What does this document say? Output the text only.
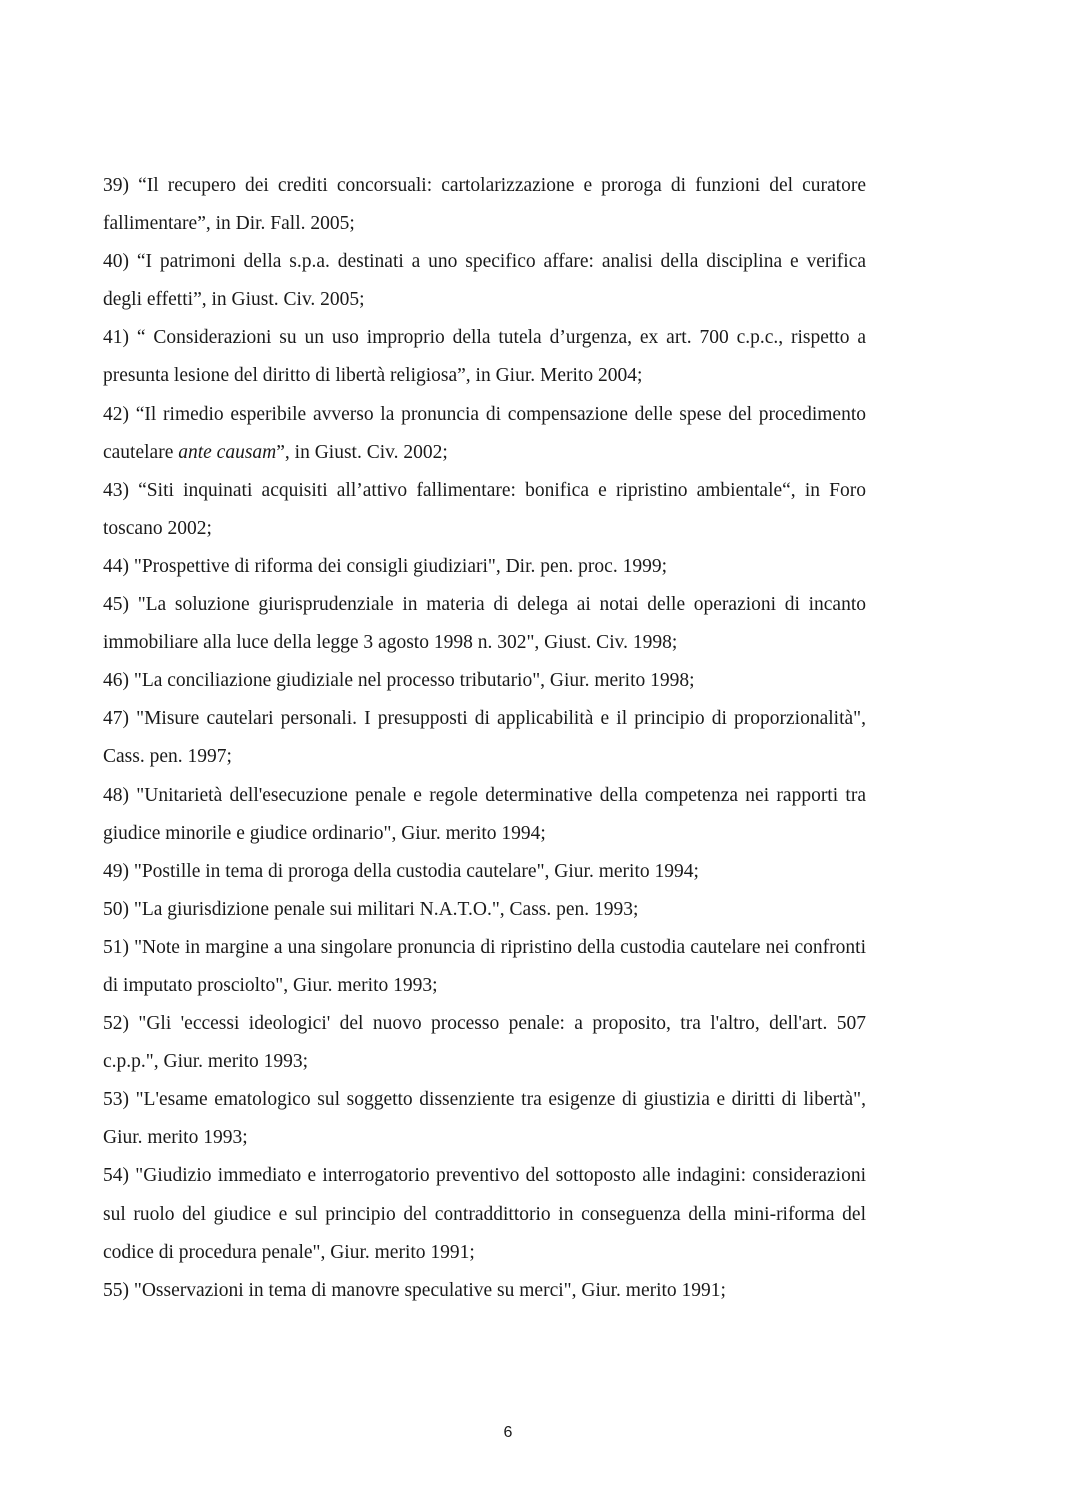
39) “Il recupero dei crediti concorsuali: cartolarizzazione e proroga di funzioni del curatore fallimentare”, in Dir. Fall. 2005;
40) “I patrimoni della s.p.a. destinati a uno specifico affare: analisi della disciplina e verifica degli effetti”, in Giust. Civ. 2005;
41) “ Considerazioni su un uso improprio della tutela d’urgenza, ex art. 700 c.p.c., rispetto a presunta lesione del diritto di libertà religiosa”, in Giur. Merito 2004;
42) “Il rimedio esperibile avverso la pronuncia di compensazione delle spese del procedimento cautelare ante causam”, in Giust. Civ. 2002;
43) “Siti inquinati acquisiti all’attivo fallimentare: bonifica e ripristino ambientale“, in Foro toscano 2002;
44) "Prospettive di riforma dei consigli giudiziari", Dir. pen. proc. 1999;
45) "La soluzione giurisprudenziale in materia di delega ai notai delle operazioni di incanto immobiliare alla luce della legge 3 agosto 1998 n. 302", Giust. Civ. 1998;
46) "La conciliazione giudiziale nel processo tributario", Giur. merito 1998;
47) "Misure cautelari personali. I presupposti di applicabilità e il principio di proporzionalità", Cass. pen. 1997;
48) "Unitarietà dell'esecuzione penale e regole determinative della competenza nei rapporti tra giudice minorile e giudice ordinario", Giur. merito 1994;
49) "Postille in tema di proroga della custodia cautelare", Giur. merito 1994;
50) "La giurisdizione penale sui militari N.A.T.O.", Cass. pen. 1993;
51) "Note in margine a una singolare pronuncia di ripristino della custodia cautelare nei confronti di imputato prosciolto", Giur. merito 1993;
52) "Gli 'eccessi ideologici' del nuovo processo penale: a proposito, tra l'altro, dell'art. 507 c.p.p.", Giur. merito 1993;
53) "L'esame ematologico sul soggetto dissenziente tra esigenze di giustizia e diritti di libertà", Giur. merito 1993;
54) "Giudizio immediato e interrogatorio preventivo del sottoposto alle indagini: considerazioni sul ruolo del giudice e sul principio del contraddittorio in conseguenza della mini-riforma del codice di procedura penale", Giur. merito 1991;
55) "Osservazioni in tema di manovre speculative su merci", Giur. merito 1991;
6
